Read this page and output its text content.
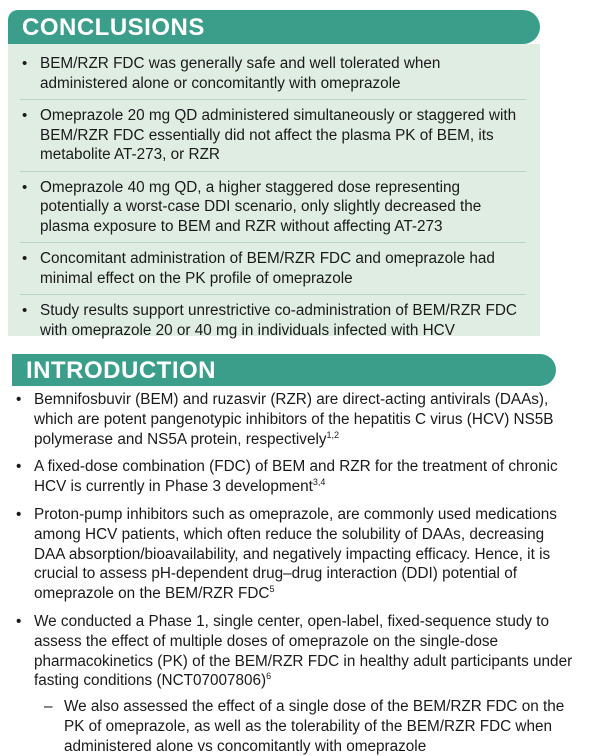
CONCLUSIONS
• BEM/RZR FDC was generally safe and well tolerated when administered alone or concomitantly with omeprazole
• Omeprazole 20 mg QD administered simultaneously or staggered with BEM/RZR FDC essentially did not affect the plasma PK of BEM, its metabolite AT-273, or RZR
• Omeprazole 40 mg QD, a higher staggered dose representing potentially a worst-case DDI scenario, only slightly decreased the plasma exposure to BEM and RZR without affecting AT-273
• Concomitant administration of BEM/RZR FDC and omeprazole had minimal effect on the PK profile of omeprazole
• Study results support unrestrictive co-administration of BEM/RZR FDC with omeprazole 20 or 40 mg in individuals infected with HCV
INTRODUCTION
• Bemnifosbuvir (BEM) and ruzasvir (RZR) are direct-acting antivirals (DAAs), which are potent pangenotypic inhibitors of the hepatitis C virus (HCV) NS5B polymerase and NS5A protein, respectively$^{1,2}$
• A fixed-dose combination (FDC) of BEM and RZR for the treatment of chronic HCV is currently in Phase 3 development$^{3,4}$
• Proton-pump inhibitors such as omeprazole, are commonly used medications among HCV patients, which often reduce the solubility of DAAs, decreasing DAA absorption/bioavailability, and negatively impacting efficacy. Hence, it is crucial to assess pH-dependent drug–drug interaction (DDI) potential of omeprazole on the BEM/RZR FDC$^5$
• We conducted a Phase 1, single center, open-label, fixed-sequence study to assess the effect of multiple doses of omeprazole on the single-dose pharmacokinetics (PK) of the BEM/RZR FDC in healthy adult participants under fasting conditions $(NCT07007806)^6$
– We also assessed the effect of a single dose of the BEM/RZR FDC on the PK of omeprazole, as well as the tolerability of the BEM/RZR FDC when administered alone vs concomitantly with omeprazole
